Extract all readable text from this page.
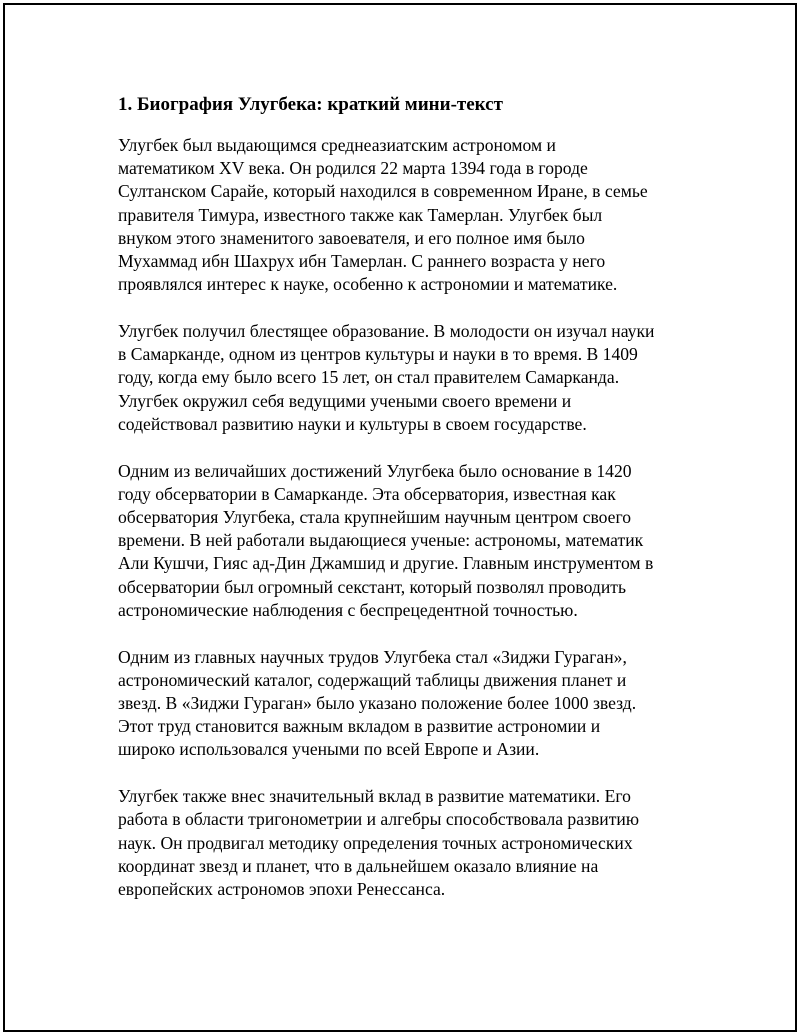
1. Биография Улугбека: краткий мини-текст
Улугбек был выдающимся среднеазиатским астрономом и
математиком XV века. Он родился 22 марта 1394 года в городе
Султанском Сарайе, который находился в современном Иране, в семье
правителя Тимура, известного также как Тамерлан. Улугбек был
внуком этого знаменитого завоевателя, и его полное имя было
Мухаммад ибн Шахрух ибн Тамерлан. С раннего возраста у него
проявлялся интерес к науке, особенно к астрономии и математике.
Улугбек получил блестящее образование. В молодости он изучал науки
в Самарканде, одном из центров культуры и науки в то время. В 1409
году, когда ему было всего 15 лет, он стал правителем Самарканда.
Улугбек окружил себя ведущими учеными своего времени и
содействовал развитию науки и культуры в своем государстве.
Одним из величайших достижений Улугбека было основание в 1420
году обсерватории в Самарканде. Эта обсерватория, известная как
обсерватория Улугбека, стала крупнейшим научным центром своего
времени. В ней работали выдающиеся ученые: астрономы, математик
Али Кушчи, Гияс ад-Дин Джамшид и другие. Главным инструментом в
обсерватории был огромный секстант, который позволял проводить
астрономические наблюдения с беспрецедентной точностью.
Одним из главных научных трудов Улугбека стал «Зиджи Гураган»,
астрономический каталог, содержащий таблицы движения планет и
звезд. В «Зиджи Гураган» было указано положение более 1000 звезд.
Этот труд становится важным вкладом в развитие астрономии и
широко использовался учеными по всей Европе и Азии.
Улугбек также внес значительный вклад в развитие математики. Его
работа в области тригонометрии и алгебры способствовала развитию
наук. Он продвигал методику определения точных астрономических
координат звезд и планет, что в дальнейшем оказало влияние на
европейских астрономов эпохи Ренессанса.
